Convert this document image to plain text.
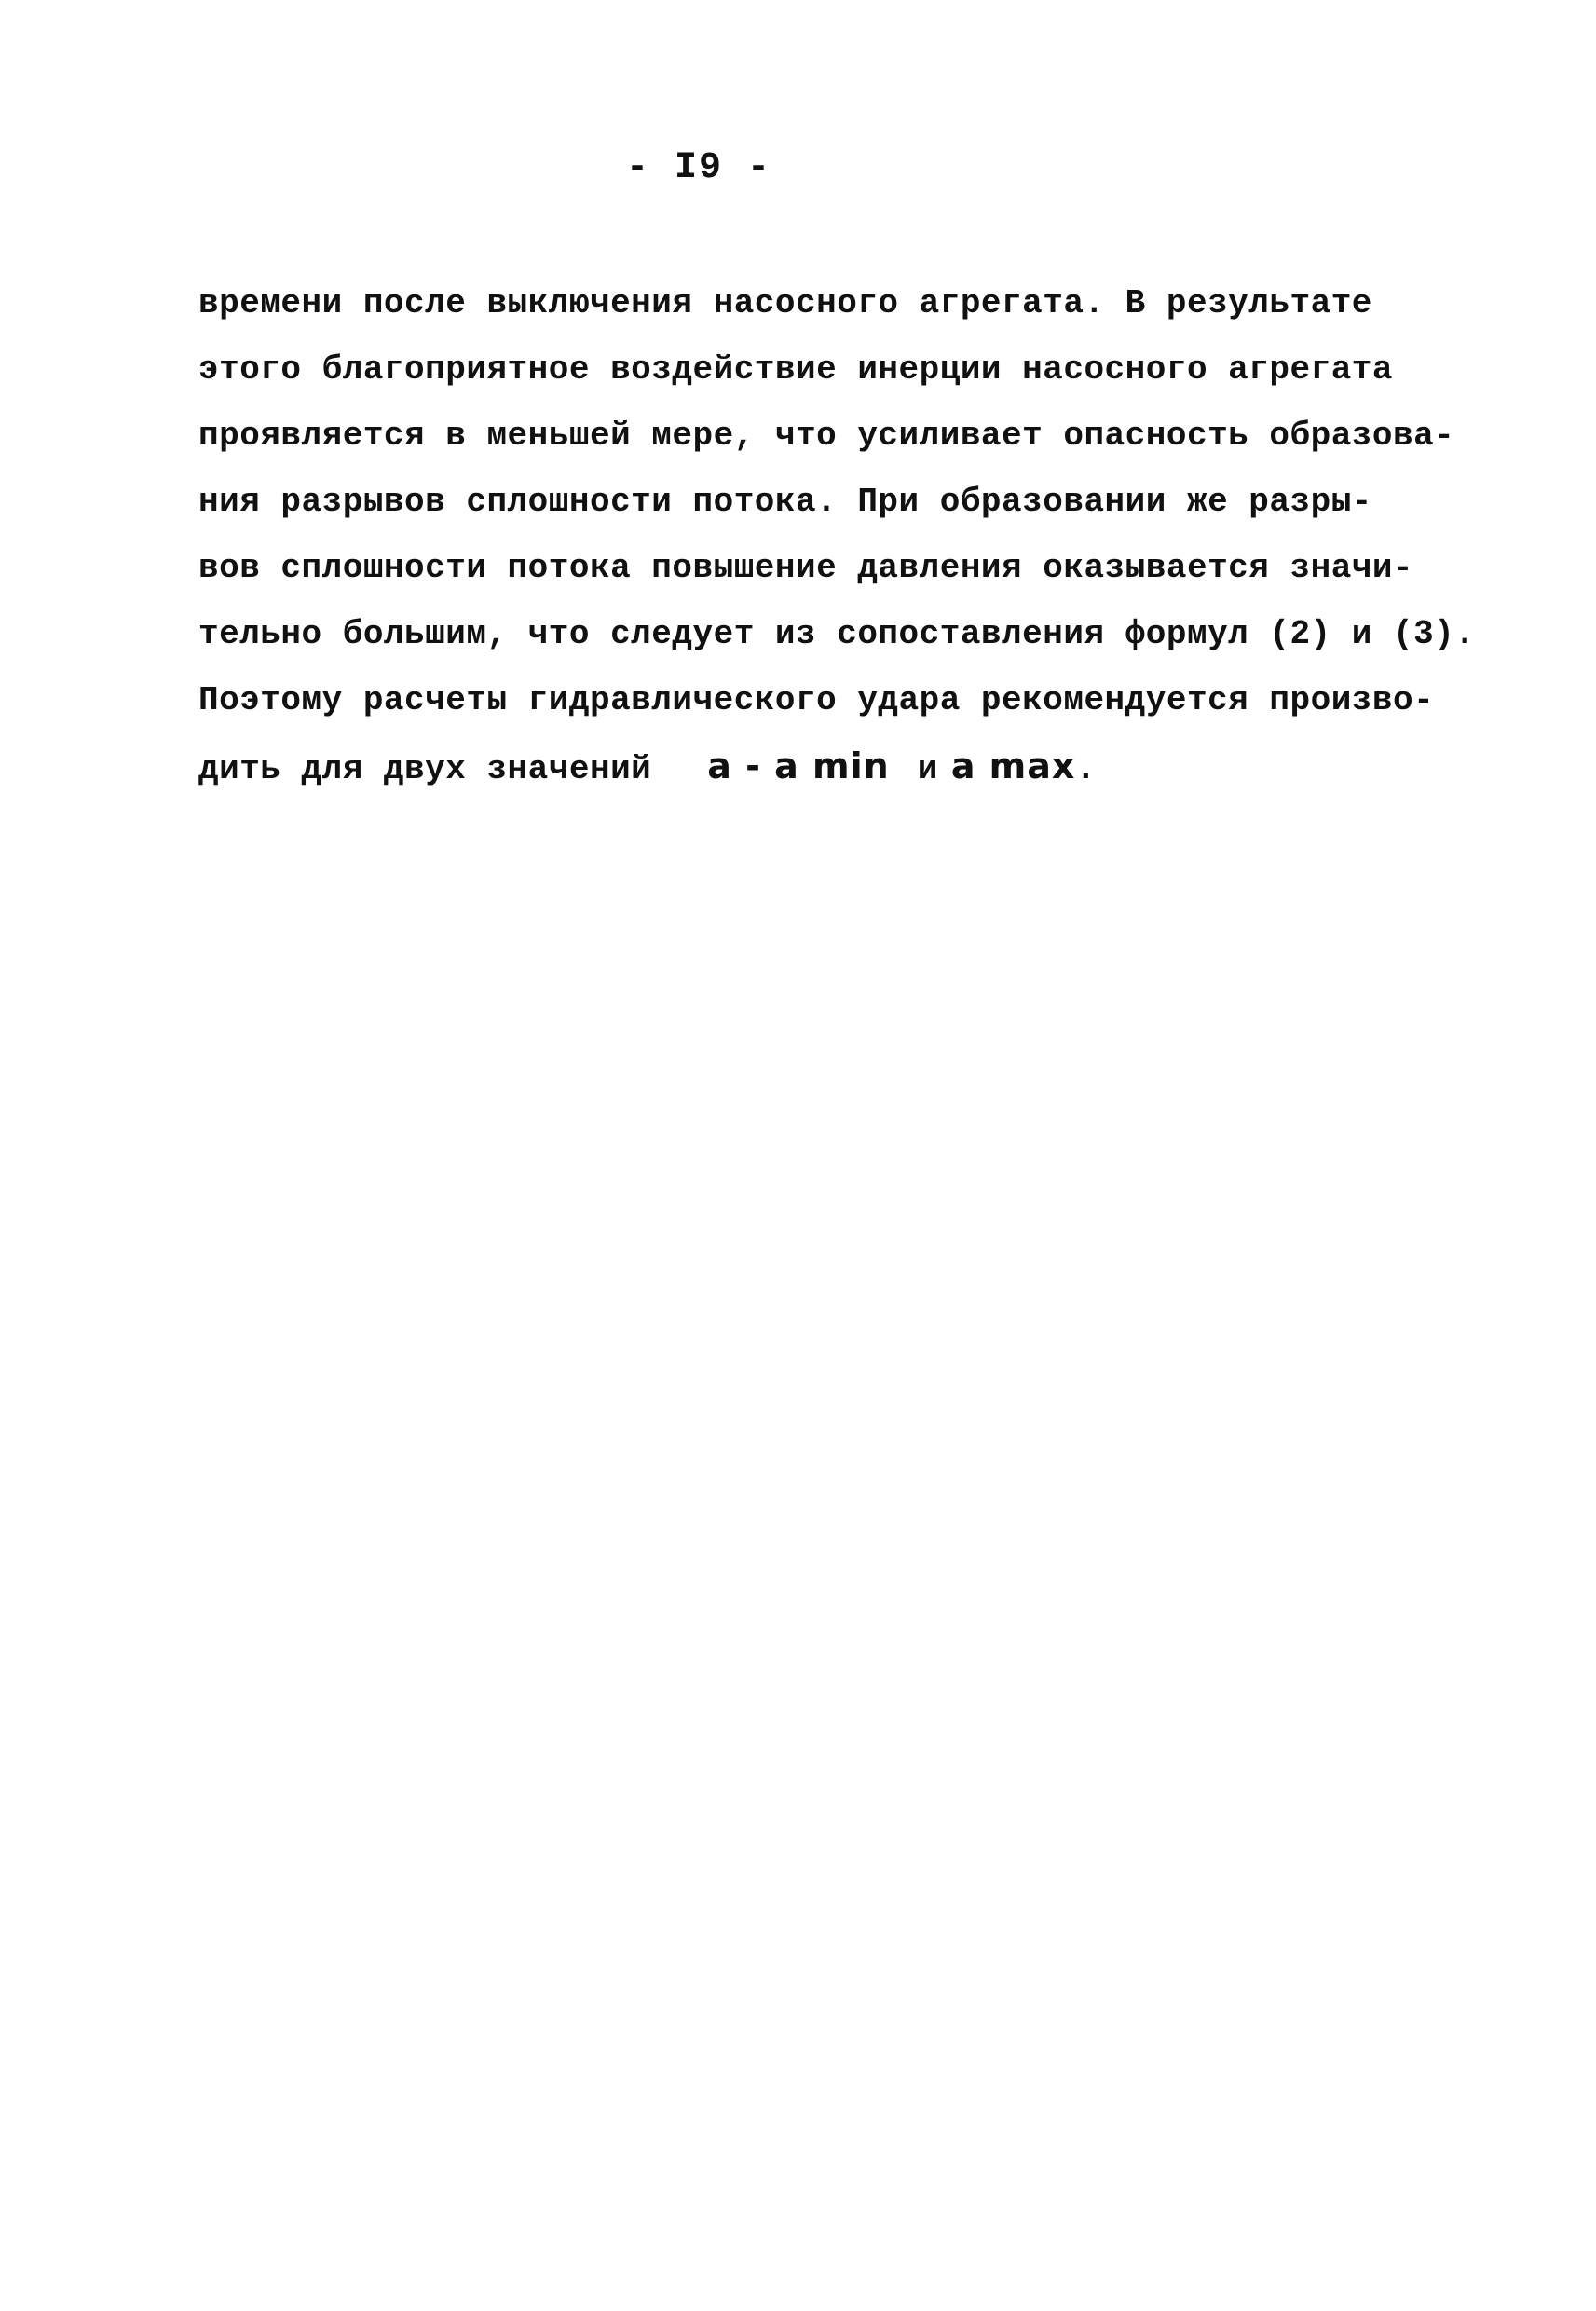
- I9 -
времени после выключения насосного агрегата. В результате
этого благоприятное воздействие инерции насосного агрегата
проявляется в меньшей мере, что усиливает опасность образова-
ния разрывов сплошности потока. При образовании же разры-
вов сплошности потока повышение давления оказывается значи-
тельно большим, что следует из сопоставления формул (2) и (3).
Поэтому расчеты гидравлического удара рекомендуется произво-
дить для двух значений a - a min и a max.
